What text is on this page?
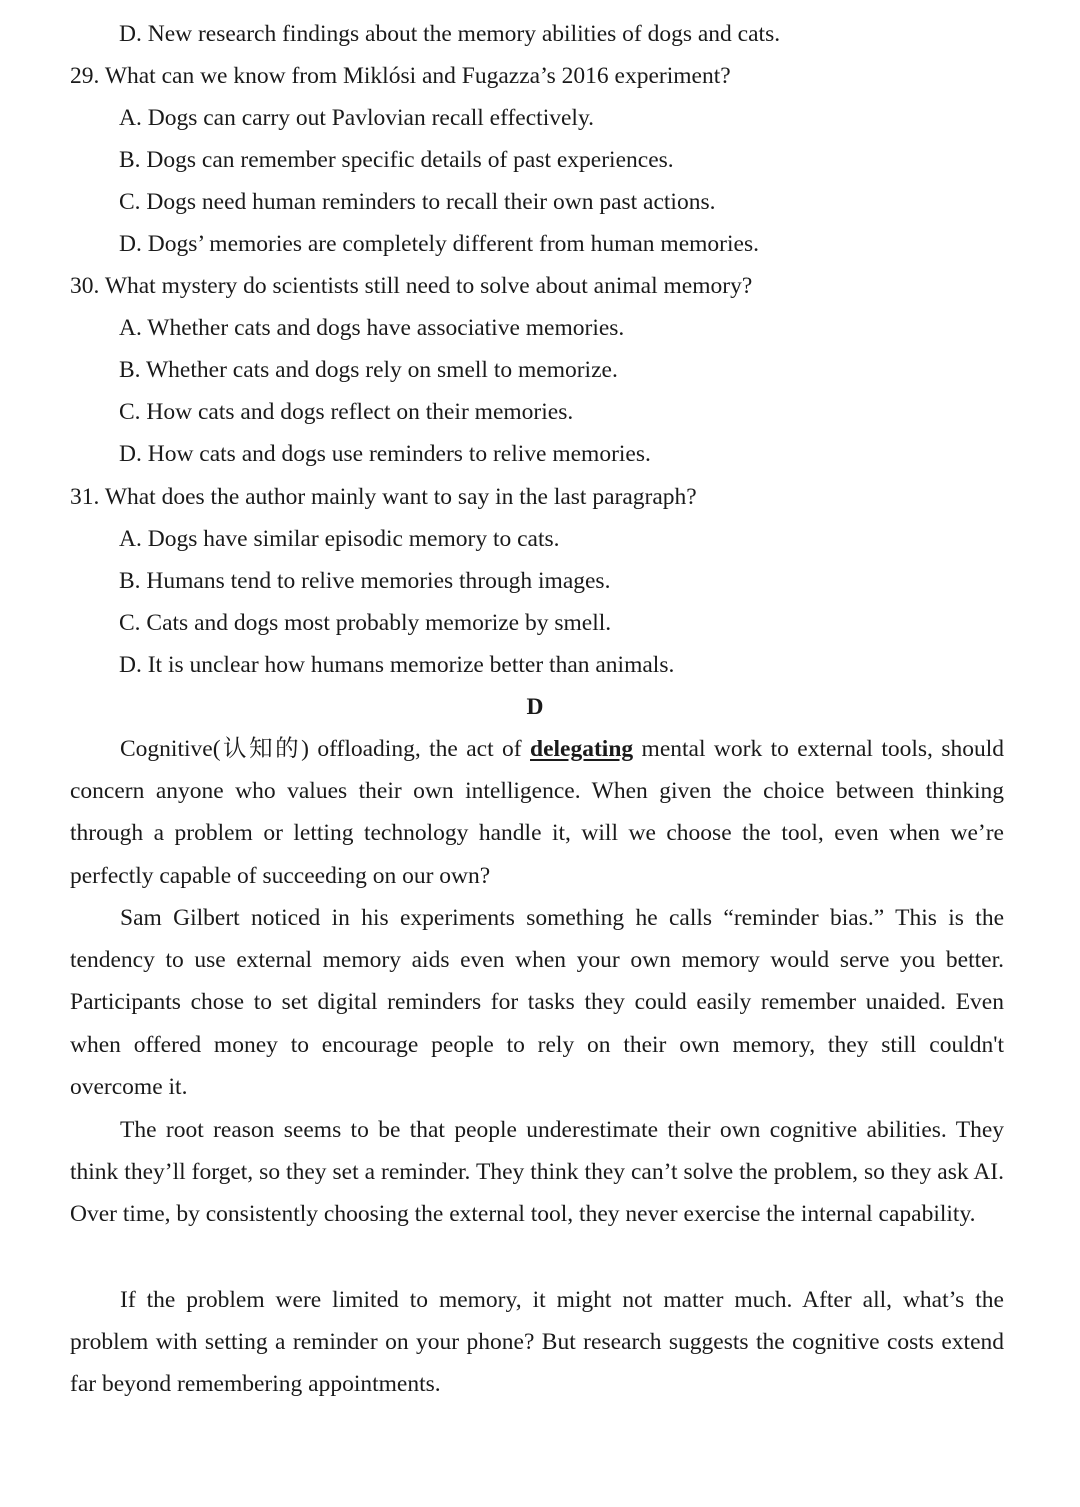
D. New research findings about the memory abilities of dogs and cats.
29. What can we know from Miklósi and Fugazza’s 2016 experiment?
A. Dogs can carry out Pavlovian recall effectively.
B. Dogs can remember specific details of past experiences.
C. Dogs need human reminders to recall their own past actions.
D. Dogs’ memories are completely different from human memories.
30. What mystery do scientists still need to solve about animal memory?
A. Whether cats and dogs have associative memories.
B. Whether cats and dogs rely on smell to memorize.
C. How cats and dogs reflect on their memories.
D. How cats and dogs use reminders to relive memories.
31. What does the author mainly want to say in the last paragraph?
A. Dogs have similar episodic memory to cats.
B. Humans tend to relive memories through images.
C. Cats and dogs most probably memorize by smell.
D. It is unclear how humans memorize better than animals.
D

Cognitive(认知的) offloading, the act of delegating mental work to external tools, should concern anyone who values their own intelligence. When given the choice between thinking through a problem or letting technology handle it, will we choose the tool, even when we’re perfectly capable of succeeding on our own?

Sam Gilbert noticed in his experiments something he calls “reminder bias.” This is the tendency to use external memory aids even when your own memory would serve you better. Participants chose to set digital reminders for tasks they could easily remember unaided. Even when offered money to encourage people to rely on their own memory, they still couldn't overcome it.

The root reason seems to be that people underestimate their own cognitive abilities. They think they’ll forget, so they set a reminder. They think they can’t solve the problem, so they ask AI. Over time, by consistently choosing the external tool, they never exercise the internal capability.

If the problem were limited to memory, it might not matter much. After all, what’s the problem with setting a reminder on your phone? But research suggests the cognitive costs extend far beyond remembering appointments.
